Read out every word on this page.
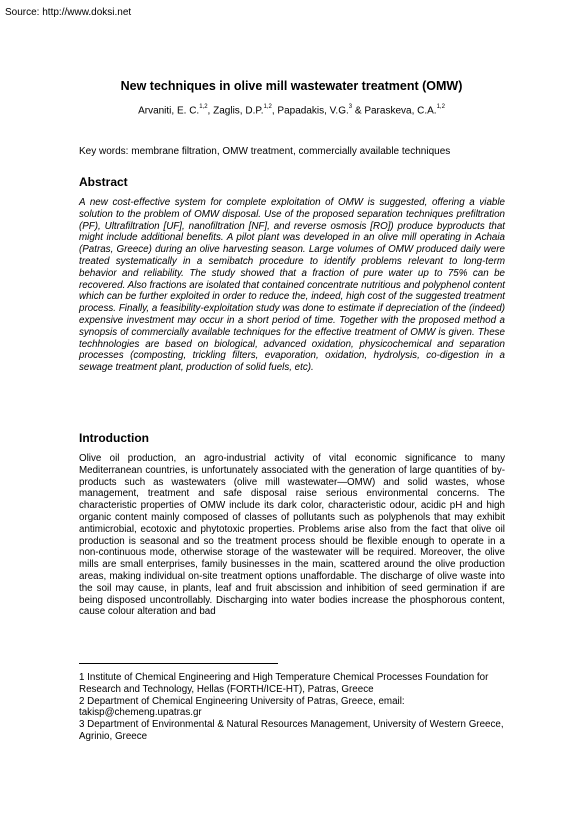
Source: http://www.doksi.net
New techniques in olive mill wastewater treatment (OMW)
Arvaniti, E. C.$^{1,2}$, Zaglis, D.P.$^{1,2}$, Papadakis, V.G.$^3$ & Paraskeva, C.A.$^{1,2}$
Key words: membrane filtration, OMW treatment, commercially available techniques
Abstract
A new cost-effective system for complete exploitation of OMW is suggested, offering a viable solution to the problem of OMW disposal. Use of the proposed separation techniques prefiltration (PF), Ultrafiltration [UF], nanofiltration [NF], and reverse osmosis [RO]) produce byproducts that might include additional benefits. A pilot plant was developed in an olive mill operating in Achaia (Patras, Greece) during an olive harvesting season. Large volumes of OMW produced daily were treated systematically in a semibatch procedure to identify problems relevant to long-term behavior and reliability. The study showed that a fraction of pure water up to 75% can be recovered. Also fractions are isolated that contained concentrate nutritious and polyphenol content which can be further exploited in order to reduce the, indeed, high cost of the suggested treatment process. Finally, a feasibility-exploitation study was done to estimate if depreciation of the (indeed) expensive investment may occur in a short period of time. Together with the proposed method a synopsis of commercially available techniques for the effective treatment of OMW is given. These techhnologies are based on biological, advanced oxidation, physicochemical and separation processes (composting, trickling filters, evaporation, oxidation, hydrolysis, co-digestion in a sewage treatment plant, production of solid fuels, etc).
Introduction
Olive oil production, an agro-industrial activity of vital economic significance to many Mediterranean countries, is unfortunately associated with the generation of large quantities of by-products such as wastewaters (olive mill wastewater—OMW) and solid wastes, whose management, treatment and safe disposal raise serious environmental concerns. The characteristic properties of OMW include its dark color, characteristic odour, acidic pH and high organic content mainly composed of classes of pollutants such as polyphenols that may exhibit antimicrobial, ecotoxic and phytotoxic properties. Problems arise also from the fact that olive oil production is seasonal and so the treatment process should be flexible enough to operate in a non-continuous mode, otherwise storage of the wastewater will be required. Moreover, the olive mills are small enterprises, family businesses in the main, scattered around the olive production areas, making individual on-site treatment options unaffordable. The discharge of olive waste into the soil may cause, in plants, leaf and fruit abscission and inhibition of seed germination if are being disposed uncontrollably. Discharging into water bodies increase the phosphorous content, cause colour alteration and bad

1 Institute of Chemical Engineering and High Temperature Chemical Processes Foundation for Research and Technology, Hellas (FORTH/ICE-HT), Patras, Greece

2 Department of Chemical Engineering University of Patras, Greece, email: takisp@chemeng.upatras.gr

3 Department of Environmental & Natural Resources Management, University of Western Greece, Agrinio, Greece
